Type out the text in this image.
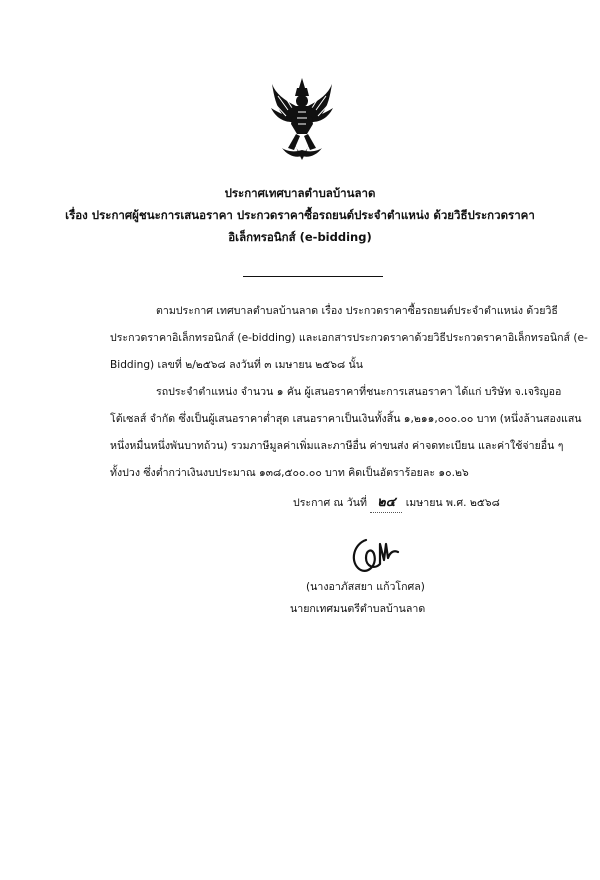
ประกาศเทศบาลตำบลบ้านลาด
เรื่อง ประกาศผู้ชนะการเสนอราคา ประกวดราคาซื้อรถยนต์ประจำตำแหน่ง ด้วยวิธีประกวดราคา
อิเล็กทรอนิกส์ (e-bidding)
ตามประกาศ เทศบาลตำบลบ้านลาด เรื่อง ประกวดราคาซื้อรถยนต์ประจำตำแหน่ง ด้วยวิธี
ประกวดราคาอิเล็กทรอนิกส์ (e-bidding) และเอกสารประกวดราคาด้วยวิธีประกวดราคาอิเล็กทรอนิกส์ (e-
Bidding) เลขที่ ๒/๒๕๖๘ ลงวันที่ ๓ เมษายน ๒๕๖๘ นั้น
รถประจำตำแหน่ง จำนวน ๑ คัน ผู้เสนอราคาที่ชนะการเสนอราคา ได้แก่ บริษัท จ.เจริญออ
โต้เซลส์ จำกัด ซึ่งเป็นผู้เสนอราคาต่ำสุด เสนอราคาเป็นเงินทั้งสิ้น ๑,๒๑๑,๐๐๐.๐๐ บาท (หนึ่งล้านสองแสน
หนึ่งหมื่นหนึ่งพันบาทถ้วน) รวมภาษีมูลค่าเพิ่มและภาษีอื่น ค่าขนส่ง ค่าจดทะเบียน และค่าใช้จ่ายอื่น ๆ
ทั้งปวง ซึ่งต่ำกว่าเงินงบประมาณ ๑๓๘,๕๐๐.๐๐ บาท คิดเป็นอัตราร้อยละ ๑๐.๒๖
ประกาศ ณ วันที่ ๒๔ เมษายน พ.ศ. ๒๕๖๘
(นางอาภัสสยา แก้วโกศล)
นายกเทศมนตรีตำบลบ้านลาด
